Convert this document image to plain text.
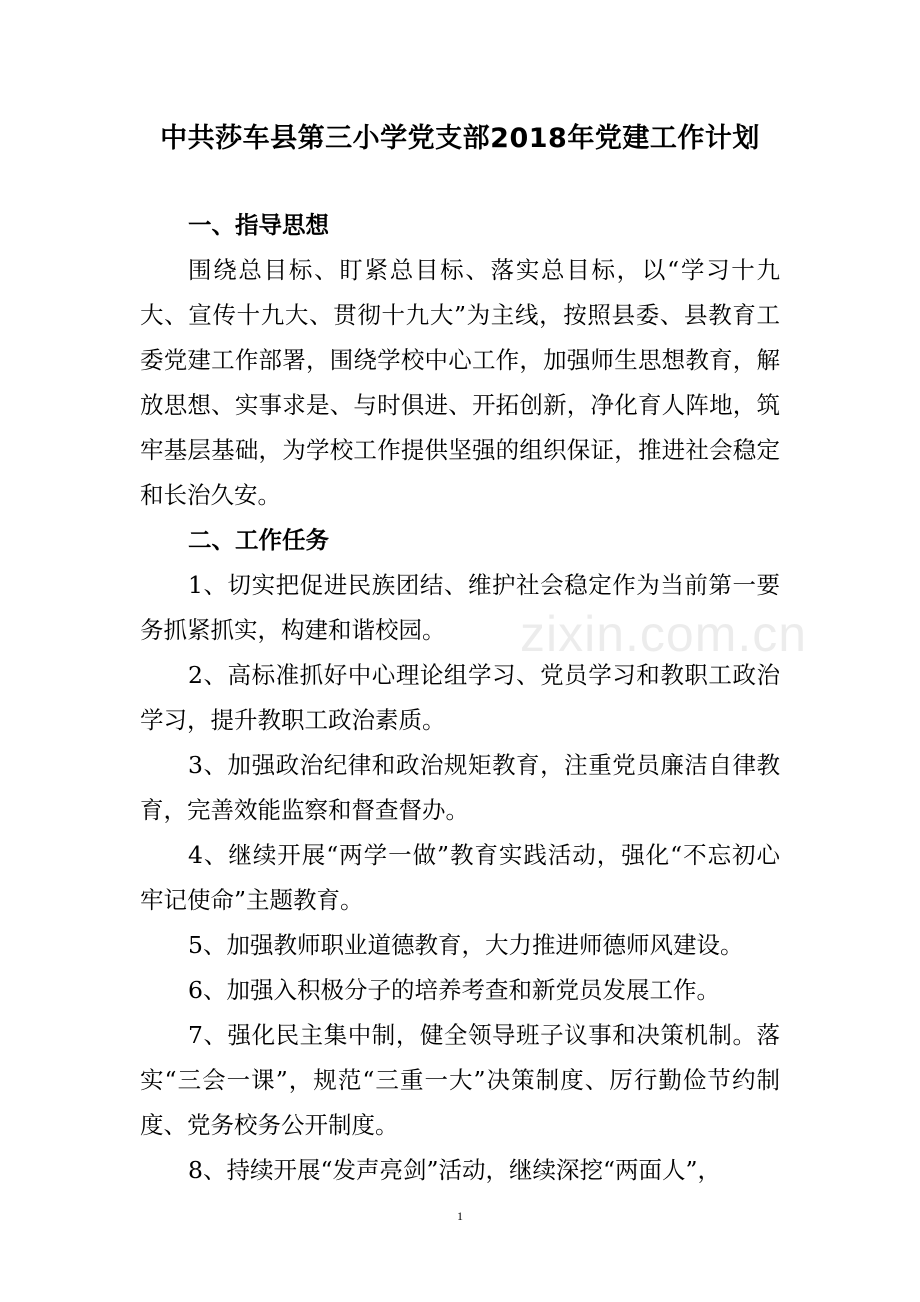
中共莎车县第三小学党支部2018年党建工作计划
一、指导思想

围绕总目标、盯紧总目标、落实总目标，以“学习十九大、宣传十九大、贯彻十九大”为主线，按照县委、县教育工委党建工作部署，围绕学校中心工作，加强师生思想教育，解放思想、实事求是、与时俱进、开拓创新，净化育人阵地，筑牢基层基础，为学校工作提供坚强的组织保证，推进社会稳定和长治久安。

二、工作任务

1、切实把促进民族团结、维护社会稳定作为当前第一要务抓紧抓实，构建和谐校园。

2、高标准抓好中心理论组学习、党员学习和教职工政治学习，提升教职工政治素质。

3、加强政治纪律和政治规矩教育，注重党员廉洁自律教育，完善效能监察和督查督办。

4、继续开展“两学一做”教育实践活动，强化“不忘初心 牢记使命”主题教育。

5、加强教师职业道德教育，大力推进师德师风建设。

6、加强入积极分子的培养考查和新党员发展工作。

7、强化民主集中制，健全领导班子议事和决策机制。落实“三会一课”，规范“三重一大”决策制度、厉行勤俭节约制度、党务校务公开制度。

8、持续开展“发声亮剑”活动，继续深挖“两面人”，

zixin.com.cn
1
